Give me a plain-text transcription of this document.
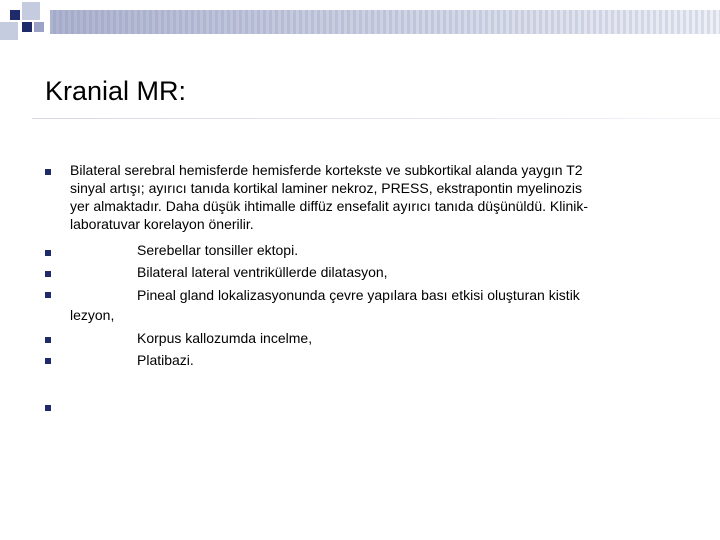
Kranial MR:
Bilateral serebral hemisferde hemisferde kortekste ve subkortikal alanda yaygın T2
sinyal artışı; ayırıcı tanıda kortikal laminer nekroz, PRESS, ekstrapontin myelinozis
yer almaktadır. Daha düşük ihtimalle diffüz ensefalit ayırıcı tanıda düşünüldü. Klinik-
laboratuvar korelayon önerilir.
Serebellar tonsiller ektopi.
Bilateral lateral ventriküllerde dilatasyon,
Pineal gland lokalizasyonunda çevre yapılara bası etkisi oluşturan kistik
lezyon,
Korpus kallozumda incelme,
Platibazi.
